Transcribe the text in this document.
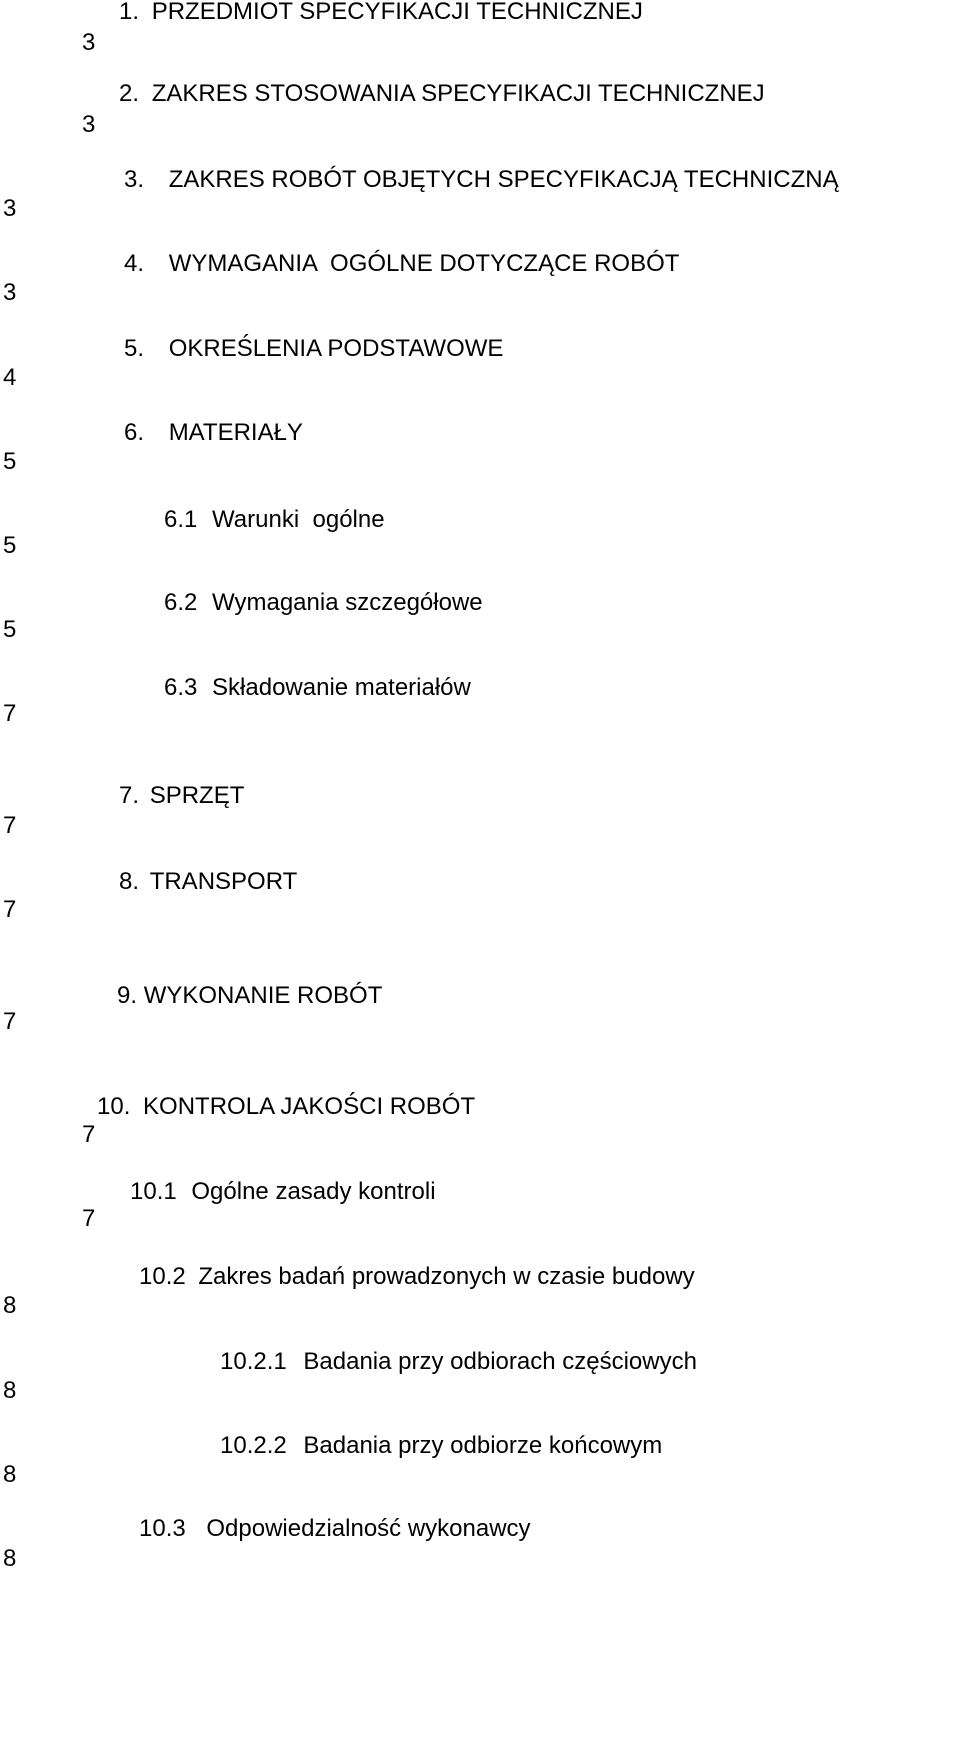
1. PRZEDMIOT SPECYFIKACJI TECHNICZNEJ
3
2. ZAKRES STOSOWANIA SPECYFIKACJI TECHNICZNEJ
3
3. ZAKRES ROBÓT OBJĘTYCH SPECYFIKACJĄ TECHNICZNĄ
3
4. WYMAGANIA  OGÓLNE DOTYCZĄCE ROBÓT
3
5. OKREŚLENIA PODSTAWOWE
4
6. MATERIAŁY
5
6.1 Warunki  ogólne
5
6.2 Wymagania szczegółowe
5
6.3 Składowanie materiałów
7
7. SPRZĘT
7
8. TRANSPORT
7
9. WYKONANIE ROBÓT
7
10. KONTROLA JAKOŚCI ROBÓT
7
10.1 Ogólne zasady kontroli
7
10.2 Zakres badań prowadzonych w czasie budowy
8
10.2.1 Badania przy odbiorach częściowych
8
10.2.2 Badania przy odbiorze końcowym
8
10.3 Odpowiedzialność wykonawcy
8
